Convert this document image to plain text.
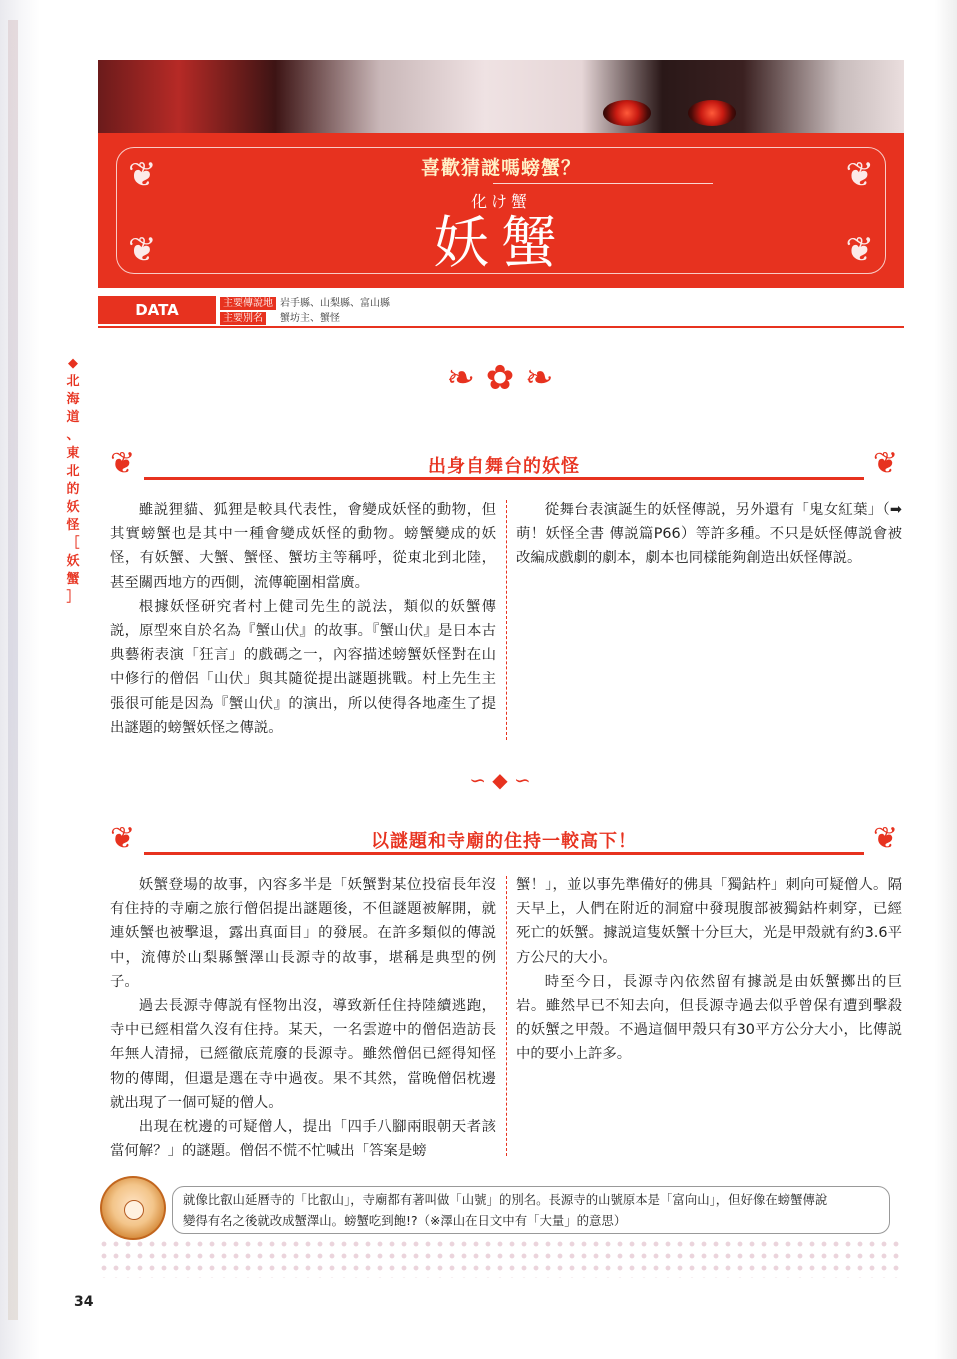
❦	❦
❦	❦
喜歡猜謎嗎螃蟹？
化け蟹
妖蟹
DATA	主要傳說地 岩手縣、山梨縣、富山縣
主要別名	蟹坊主、蟹怪
◆
北
海
道
、
東
北
的
妖
怪
［
妖
蟹
］
❧ ✿ ❧
❦	❦
出身自舞台的妖怪

雖説狸貓、狐狸是較具代表性，會變成妖怪的動物，但其實螃蟹也是其中一種會變成妖怪的動物。螃蟹變成的妖怪，有妖蟹、大蟹、蟹怪、蟹坊主等稱呼，從東北到北陸，甚至關西地方的西側，流傳範圍相當廣。

根據妖怪研究者村上健司先生的説法，類似的妖蟹傳説，原型來自於名為『蟹山伏』的故事。『蟹山伏』是日本古典藝術表演「狂言」的戲碼之一，內容描述螃蟹妖怪對在山中修行的僧侶「山伏」與其隨從提出謎題挑戰。村上先生主張很可能是因為『蟹山伏』的演出，所以使得各地產生了提出謎題的螃蟹妖怪之傳説。

從舞台表演誕生的妖怪傳説，另外還有「鬼女紅葉」（➡萌！妖怪全書 傳説篇P66）等許多種。不只是妖怪傳説會被改編成戲劇的劇本，劇本也同樣能夠創造出妖怪傳説。

∽ ◆ ∽
❦	❦
以謎題和寺廟的住持一較高下！

妖蟹登場的故事，內容多半是「妖蟹對某位投宿長年沒有住持的寺廟之旅行僧侶提出謎題後，不但謎題被解開，就連妖蟹也被擊退，露出真面目」的發展。在許多類似的傳説中，流傳於山梨縣蟹澤山長源寺的故事，堪稱是典型的例子。

過去長源寺傳説有怪物出沒，導致新任住持陸續逃跑，寺中已經相當久沒有住持。某天，一名雲遊中的僧侶造訪長年無人清掃，已經徹底荒廢的長源寺。雖然僧侶已經得知怪物的傳聞，但還是選在寺中過夜。果不其然，當晚僧侶枕邊就出現了一個可疑的僧人。

出現在枕邊的可疑僧人，提出「四手八腳兩眼朝天者該當何解？」的謎題。僧侶不慌不忙喊出「答案是螃

蟹！」，並以事先準備好的佛具「獨鈷杵」刺向可疑僧人。隔天早上，人們在附近的洞窟中發現腹部被獨鈷杵刺穿，已經死亡的妖蟹。據説這隻妖蟹十分巨大，光是甲殼就有約3.6平方公尺的大小。

時至今日，長源寺內依然留有據説是由妖蟹擲出的巨岩。雖然早已不知去向，但長源寺過去似乎曾保有遭到擊殺的妖蟹之甲殼。不過這個甲殼只有30平方公分大小，比傳説中的要小上許多。

就像比叡山延曆寺的「比叡山」，寺廟都有著叫做「山號」的別名。長源寺的山號原本是「富向山」，但好像在螃蟹傳說
變得有名之後就改成蟹澤山。螃蟹吃到飽!?（※澤山在日文中有「大量」的意思）
34
